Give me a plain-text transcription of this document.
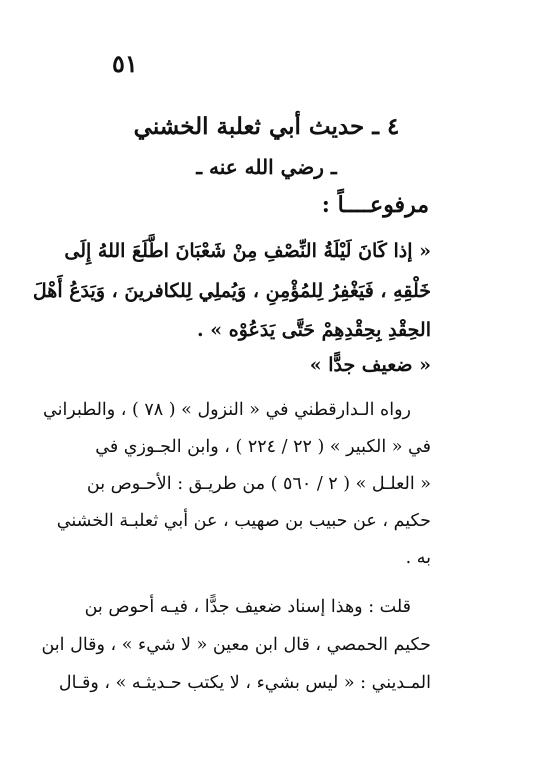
٥١
٤ ـ حديث أبي ثعلبة الخشني
ـ رضي الله عنه ـ
مرفوعــــاً :
« إذا كَانَ لَيْلَةُ النِّصْفِ مِنْ شَعْبَانَ اطَّلَعَ اللهُ إِلَى
خَلْقِهِ ، فَيَغْفِرُ لِلمُؤْمِنِ ، وَيُملِي لِلكافرينَ ، وَيَدَعُ أَهْلَ
الحِقْدِ بِحِقْدِهِمْ حَتَّى يَدَعُوْه » .
« ضعيف جدًّا »
رواه الـدارقطني في « النزول » ( ٧٨ ) ، والطبراني
في « الكبير » ( ٢٢ / ٢٢٤ ) ، وابن الجـوزي في
« العلـل » ( ٢ / ٥٦٠ ) من طريـق : الأحـوص بن
حكيم ، عن حبيب بن صهيب ، عن أبي ثعلبـة الخشني
به .
قلت : وهذا إسناد ضعيف جدًّا ، فيـه أحوص بن
حكيم الحمصي ، قال ابن معين « لا شيء » ، وقال ابن
المـديني : « ليس بشيء ، لا يكتب حـديثـه » ، وقـال
